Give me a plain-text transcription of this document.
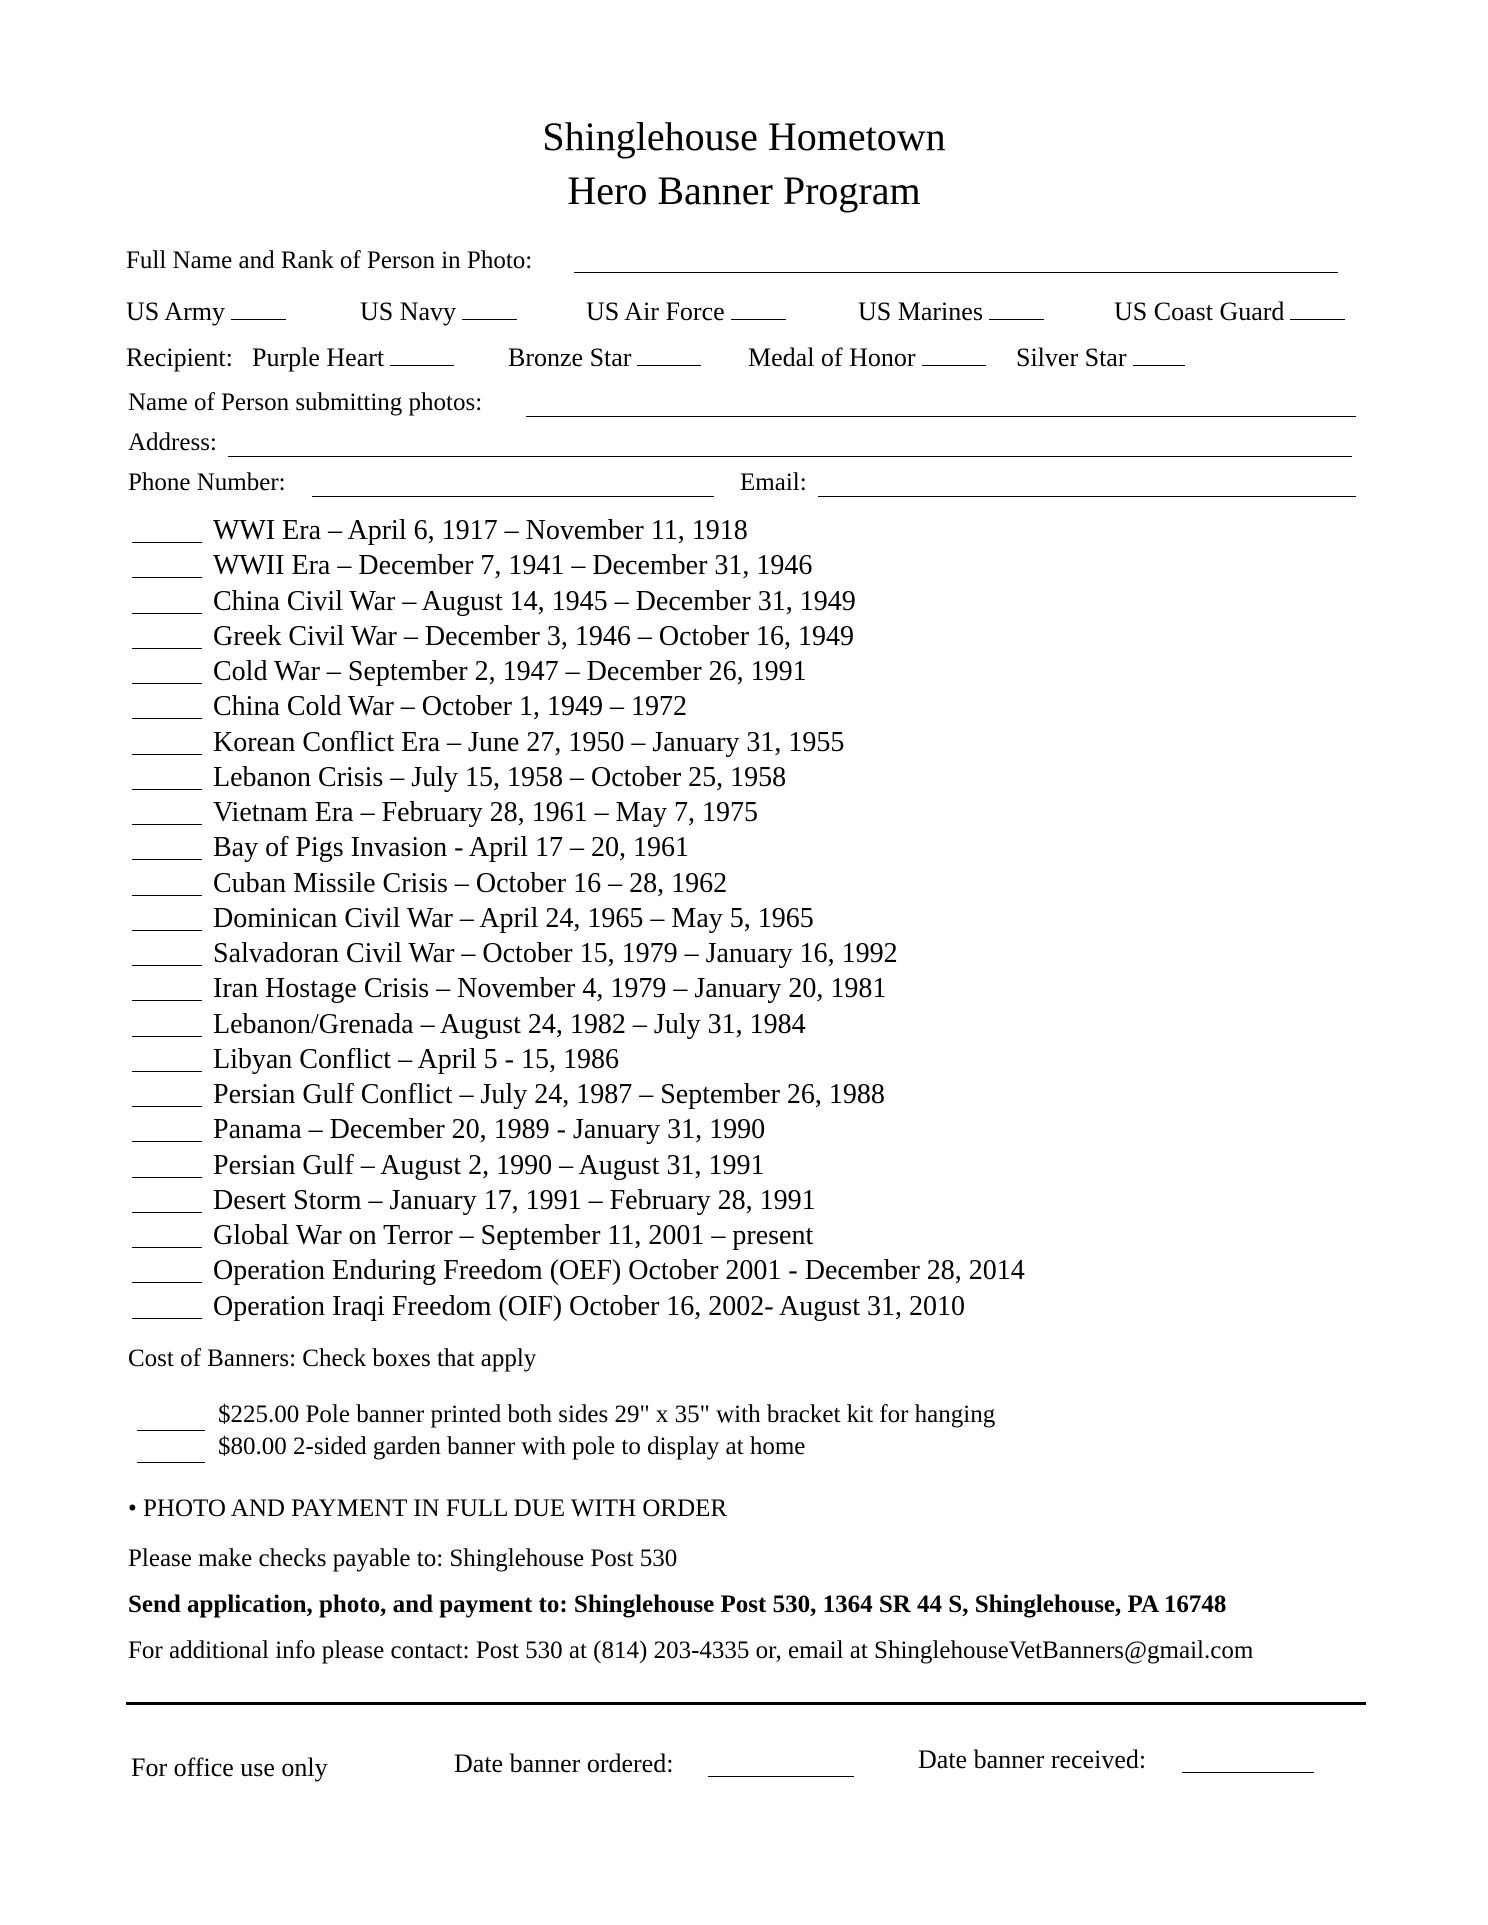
Shinglehouse Hometown
Hero Banner Program
Full Name and Rank of Person in Photo:
US Army	US Navy	US Air Force	US Marines	US Coast Guard
Recipient: Purple Heart	Bronze Star	Medal of Honor	Silver Star
Name of Person submitting photos:
Address:
Phone Number:	Email:
WWI Era – April 6, 1917 – November 11, 1918
WWII Era – December 7, 1941 – December 31, 1946
China Civil War – August 14, 1945 – December 31, 1949
Greek Civil War – December 3, 1946 – October 16, 1949
Cold War – September 2, 1947 – December 26, 1991
China Cold War – October 1, 1949 – 1972
Korean Conflict Era – June 27, 1950 – January 31, 1955
Lebanon Crisis – July 15, 1958 – October 25, 1958
Vietnam Era – February 28, 1961 – May 7, 1975
Bay of Pigs Invasion - April 17 – 20, 1961
Cuban Missile Crisis – October 16 – 28, 1962
Dominican Civil War – April 24, 1965 – May 5, 1965
Salvadoran Civil War – October 15, 1979 – January 16, 1992
Iran Hostage Crisis – November 4, 1979 – January 20, 1981
Lebanon/Grenada – August 24, 1982 – July 31, 1984
Libyan Conflict – April 5 - 15, 1986
Persian Gulf Conflict – July 24, 1987 – September 26, 1988
Panama – December 20, 1989 - January 31, 1990
Persian Gulf – August 2, 1990 – August 31, 1991
Desert Storm – January 17, 1991 – February 28, 1991
Global War on Terror – September 11, 2001 – present
Operation Enduring Freedom (OEF) October 2001 - December 28, 2014
Operation Iraqi Freedom (OIF) October 16, 2002- August 31, 2010
Cost of Banners: Check boxes that apply
$225.00 Pole banner printed both sides 29" x 35" with bracket kit for hanging
$80.00 2-sided garden banner with pole to display at home
• PHOTO AND PAYMENT IN FULL DUE WITH ORDER
Please make checks payable to: Shinglehouse Post 530
Send application, photo, and payment to: Shinglehouse Post 530, 1364 SR 44 S, Shinglehouse, PA 16748
For additional info please contact: Post 530 at (814) 203-4335 or, email at ShinglehouseVetBanners@gmail.com
For office use only	Date banner ordered:	Date banner received:
